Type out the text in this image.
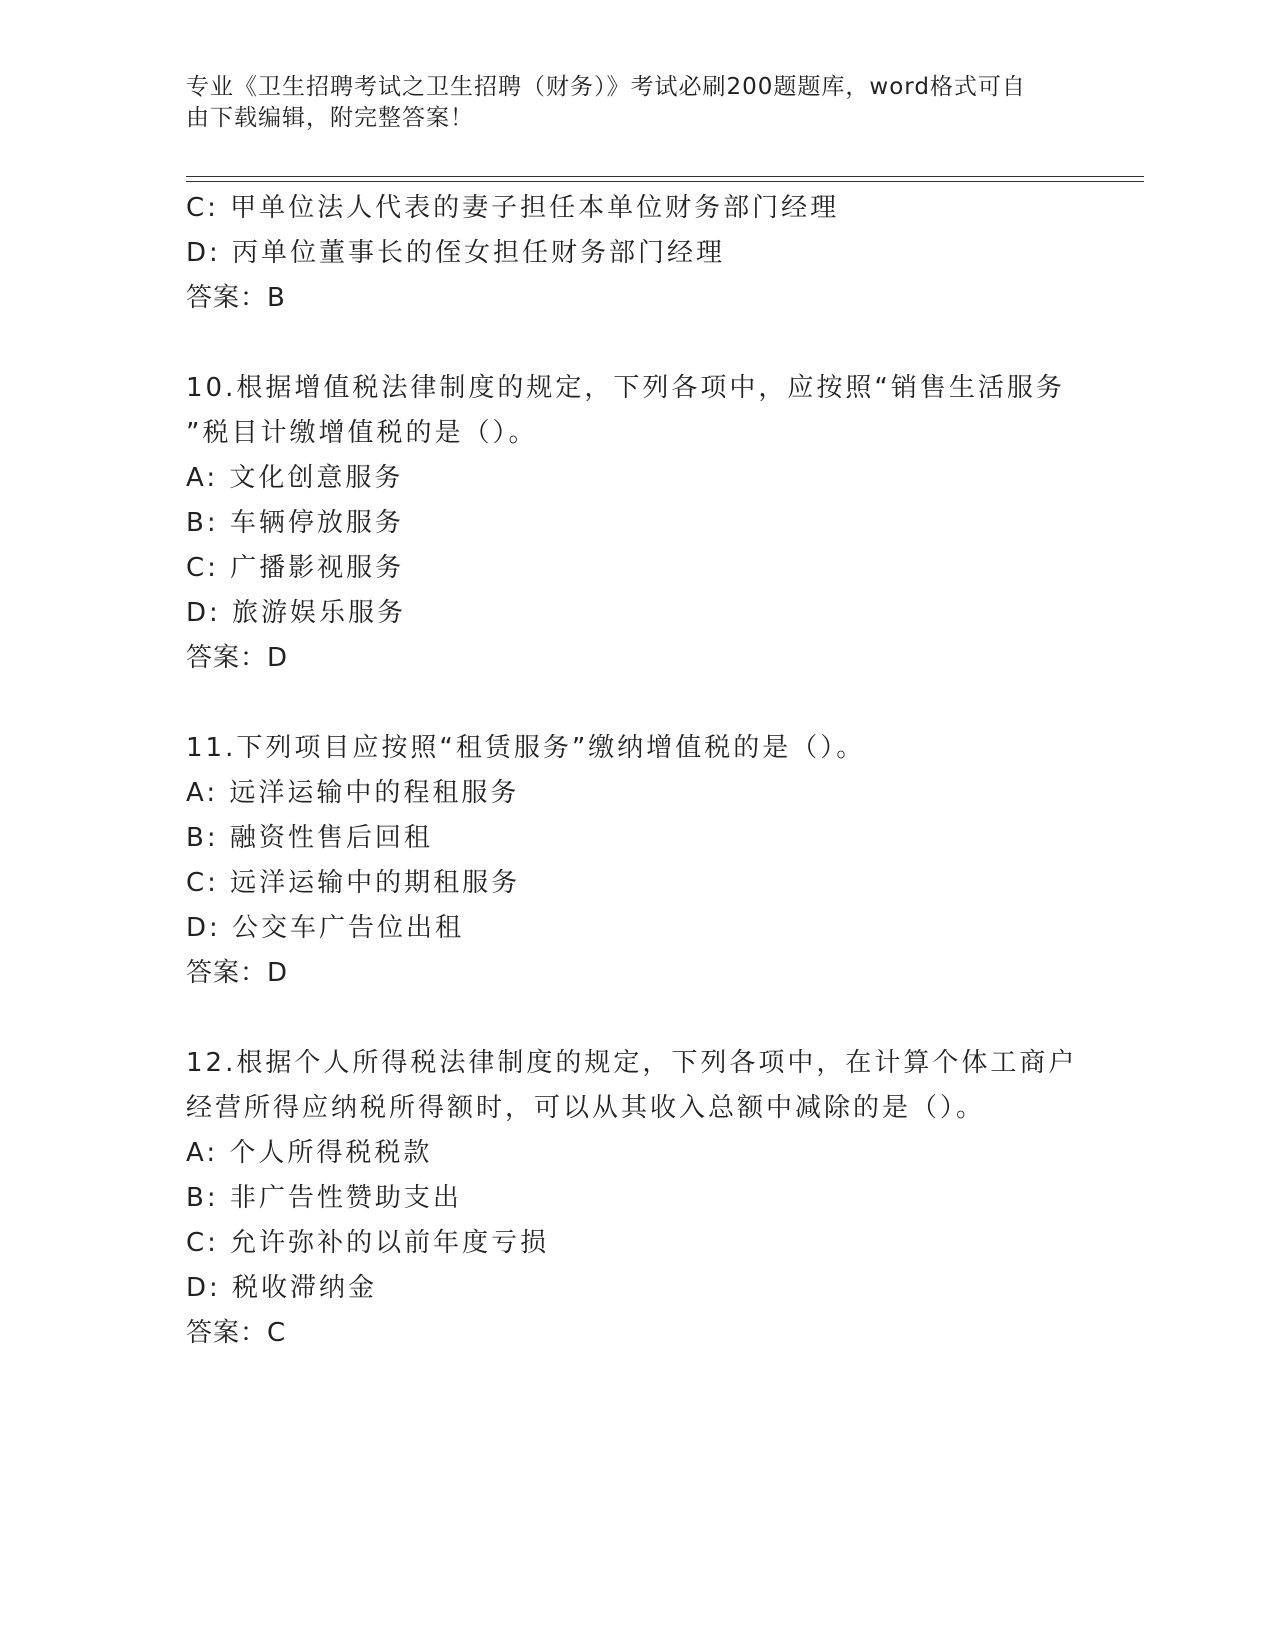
专业《卫生招聘考试之卫生招聘（财务）》考试必刷200题题库，word格式可自
由下载编辑，附完整答案！
C: 甲单位法人代表的妻子担任本单位财务部门经理
D: 丙单位董事长的侄女担任财务部门经理
答案：B
10.根据增值税法律制度的规定，下列各项中，应按照“销售生活服务
”税目计缴增值税的是（）。
A: 文化创意服务
B: 车辆停放服务
C: 广播影视服务
D: 旅游娱乐服务
答案：D
11.下列项目应按照“租赁服务”缴纳增值税的是（）。
A: 远洋运输中的程租服务
B: 融资性售后回租
C: 远洋运输中的期租服务
D: 公交车广告位出租
答案：D
12.根据个人所得税法律制度的规定，下列各项中，在计算个体工商户
经营所得应纳税所得额时，可以从其收入总额中减除的是（）。
A: 个人所得税税款
B: 非广告性赞助支出
C: 允许弥补的以前年度亏损
D: 税收滞纳金
答案：C
